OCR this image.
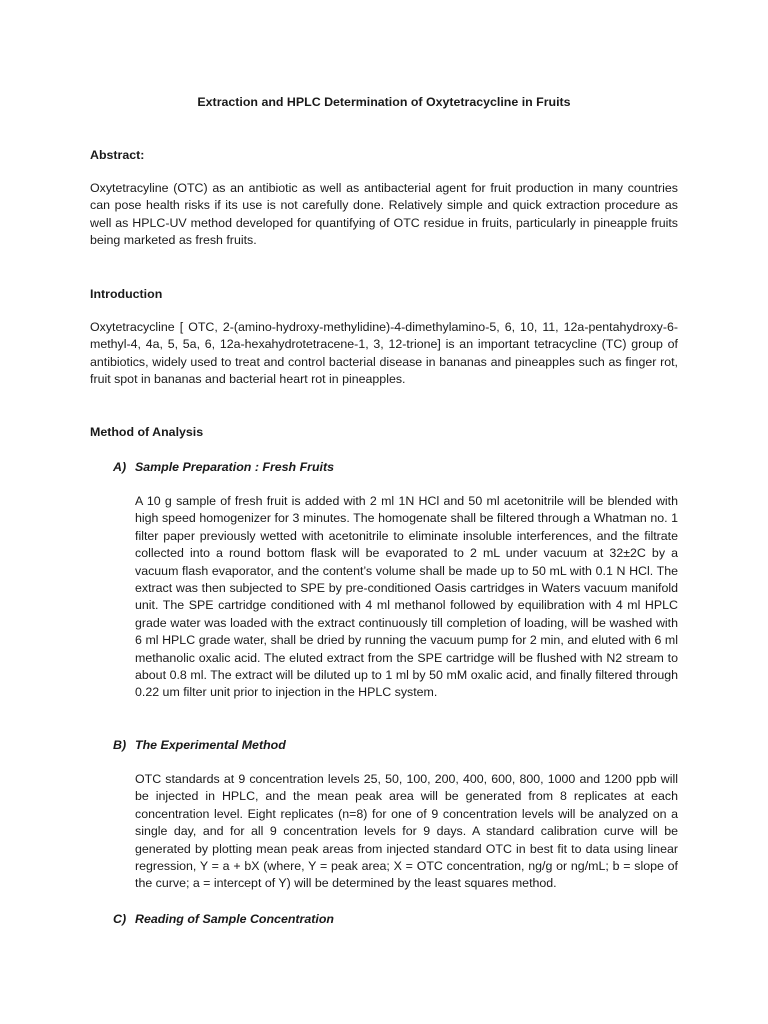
Extraction and HPLC Determination of Oxytetracycline in Fruits
Abstract:
Oxytetracyline (OTC) as an antibiotic as well as antibacterial agent for fruit production in many countries can pose health risks if its use is not carefully done. Relatively simple and quick extraction procedure as well as HPLC-UV method developed for quantifying of OTC residue in fruits, particularly in pineapple fruits being marketed as fresh fruits.
Introduction
Oxytetracycline [ OTC, 2-(amino-hydroxy-methylidine)-4-dimethylamino-5, 6, 10, 11, 12a-pentahydroxy-6-methyl-4, 4a, 5, 5a, 6, 12a-hexahydrotetracene-1, 3, 12-trione] is an important tetracycline (TC) group of antibiotics, widely used to treat and control bacterial disease in bananas and pineapples such as finger rot, fruit spot in bananas and bacterial heart rot in pineapples.
Method of Analysis
A) Sample Preparation : Fresh Fruits
A 10 g sample of fresh fruit is added with 2 ml 1N HCl and 50 ml acetonitrile will be blended with high speed homogenizer for 3 minutes. The homogenate shall be filtered through a Whatman no. 1 filter paper previously wetted with acetonitrile to eliminate insoluble interferences, and the filtrate collected into a round bottom flask will be evaporated to 2 mL under vacuum at 32±2C by a vacuum flash evaporator, and the content’s volume shall be made up to 50 mL with 0.1 N HCl. The extract was then subjected to SPE by pre-conditioned Oasis cartridges in Waters vacuum manifold unit. The SPE cartridge conditioned with 4 ml methanol followed by equilibration with 4 ml HPLC grade water was loaded with the extract continuously till completion of loading, will be washed with 6 ml HPLC grade water, shall be dried by running the vacuum pump for 2 min, and eluted with 6 ml methanolic oxalic acid. The eluted extract from the SPE cartridge will be flushed with N2 stream to about 0.8 ml. The extract will be diluted up to 1 ml by 50 mM oxalic acid, and finally filtered through 0.22 um filter unit prior to injection in the HPLC system.
B) The Experimental Method
OTC standards at 9 concentration levels 25, 50, 100, 200, 400, 600, 800, 1000 and 1200 ppb will be injected in HPLC, and the mean peak area will be generated from 8 replicates at each concentration level. Eight replicates (n=8) for one of 9 concentration levels will be analyzed on a single day, and for all 9 concentration levels for 9 days. A standard calibration curve will be generated by plotting mean peak areas from injected standard OTC in best fit to data using linear regression, Y = a + bX (where, Y = peak area; X = OTC concentration, ng/g or ng/mL; b = slope of the curve; a = intercept of Y) will be determined by the least squares method.
C) Reading of Sample Concentration
